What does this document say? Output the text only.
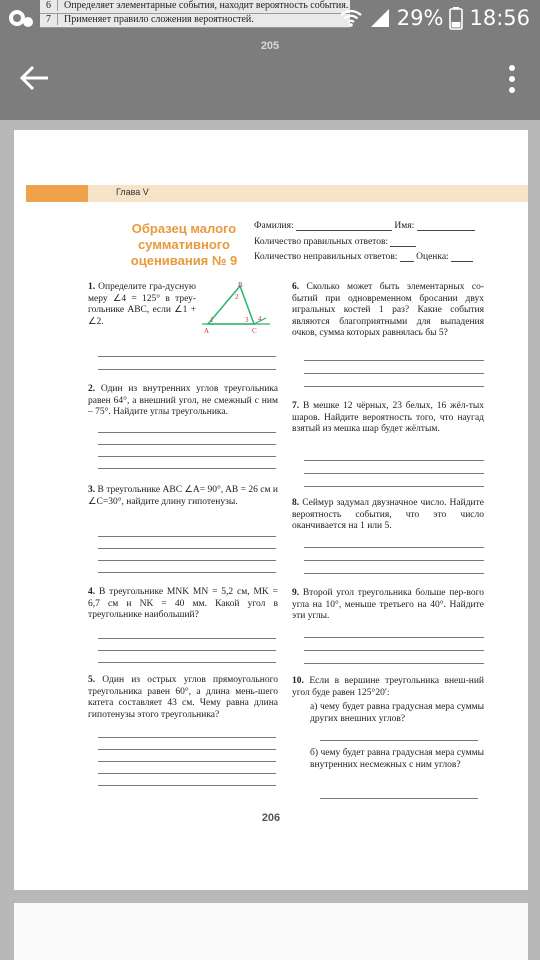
6 Определяет элементарные события, находит вероятность события.
7 Применяет правило сложения вероятностей.	29% 18:56
205
Глава V
Образец малого суммативного оценивания № 9
Фамилия:	Имя:
Количество правильных ответов:
Количество неправильных ответов: Оценка:
1. Определите гра-дусную меру ∠4 = 125° в треу-гольнике ABC, если ∠1 + ∠2.
B
2
A
1	3 4
C
2. Один из внутренних углов треугольника равен 64°, а внешний угол, не смежный с ним – 75°. Найдите углы треугольника.
3. В треугольнике ABC ∠A= 90°, AB = 26 см и ∠C=30°, найдите длину гипотенузы.
4. В треугольнике MNK MN = 5,2 см, MK = 6,7 см и NK = 40 мм. Какой угол в треугольнике наибольший?
5. Один из острых углов прямоугольного треугольника равен 60°, а длина мень-шего катета составляет 43 см. Чему равна длина гипотенузы этого треугольника?
6. Сколько может быть элементарных со-бытий при одновременном бросании двух игральных костей 1 раз? Какие события являются благоприятными для выпадения очков, сумма которых равнялась бы 5?
7. В мешке 12 чёрных, 23 белых, 16 жёл-тых шаров. Найдите вероятность того, что наугад взятый из мешка шар будет жёлтым.
8. Сеймур задумал двузначное число. Найдите вероятность события, что это число оканчивается на 1 или 5.
9. Второй угол треугольника больше пер-вого угла на 10°, меньше третьего на 40°. Найдите эти углы.
10. Если в вершине треугольника внеш-ний угол буде равен 125°20′:
а) чему будет равна градусная мера суммы других внешних углов?
б) чему будет равна градусная мера суммы внутренних несмежных с ним углов?
206
